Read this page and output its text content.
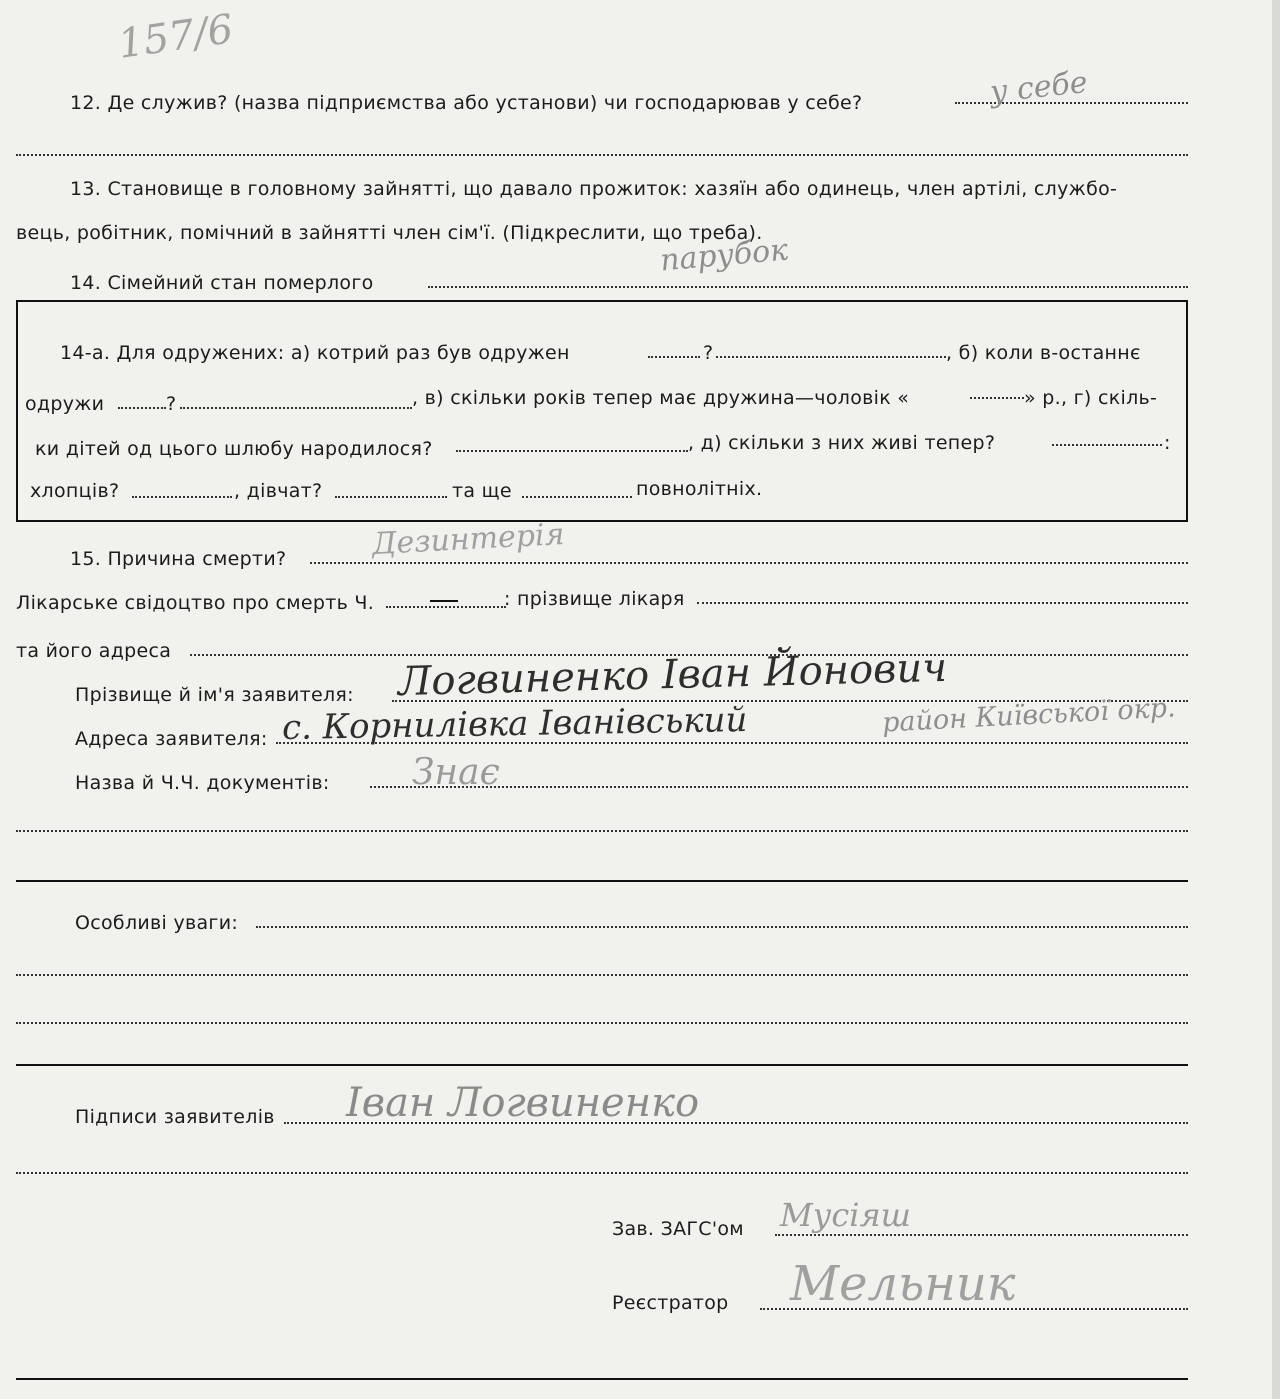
157/6
12. Де служив? (назва підприємства або установи) чи господарював у себе?	у себе
13. Становище в головному зайнятті, що давало прожиток: хазяїн або одинець, член артілі, службо-
вець, робітник, помічний в зайнятті член сім'ї. (Підкреслити, що треба).
14. Сімейний стан померлого
парубок
14-а. Для одружених: а) котрий раз був одружен	?	, б) коли в-останнє
одружи	?	, в) скільки років тепер має дружина—чоловік «	» р., г) скіль-
ки дітей од цього шлюбу народилося?	, д) скільки з них живі тепер?	:
хлопців?	, дівчат?	та ще	повнолітніх.
15. Причина смерти?	Дезинтерія
Лікарське свідоцтво про смерть Ч.	: прізвище лікаря
та його адреса
Прізвище й ім'я заявителя: Логвиненко Іван Йонович
Адреса заявителя: с. Корнилівка Іванівський	район Київської окр.
Назва й Ч.Ч. документів: Знає
Особливі уваги:
Підписи заявителів Іван Логвиненко
Зав. ЗАГС'ом Мусіяш
Реєстратор Мельник
